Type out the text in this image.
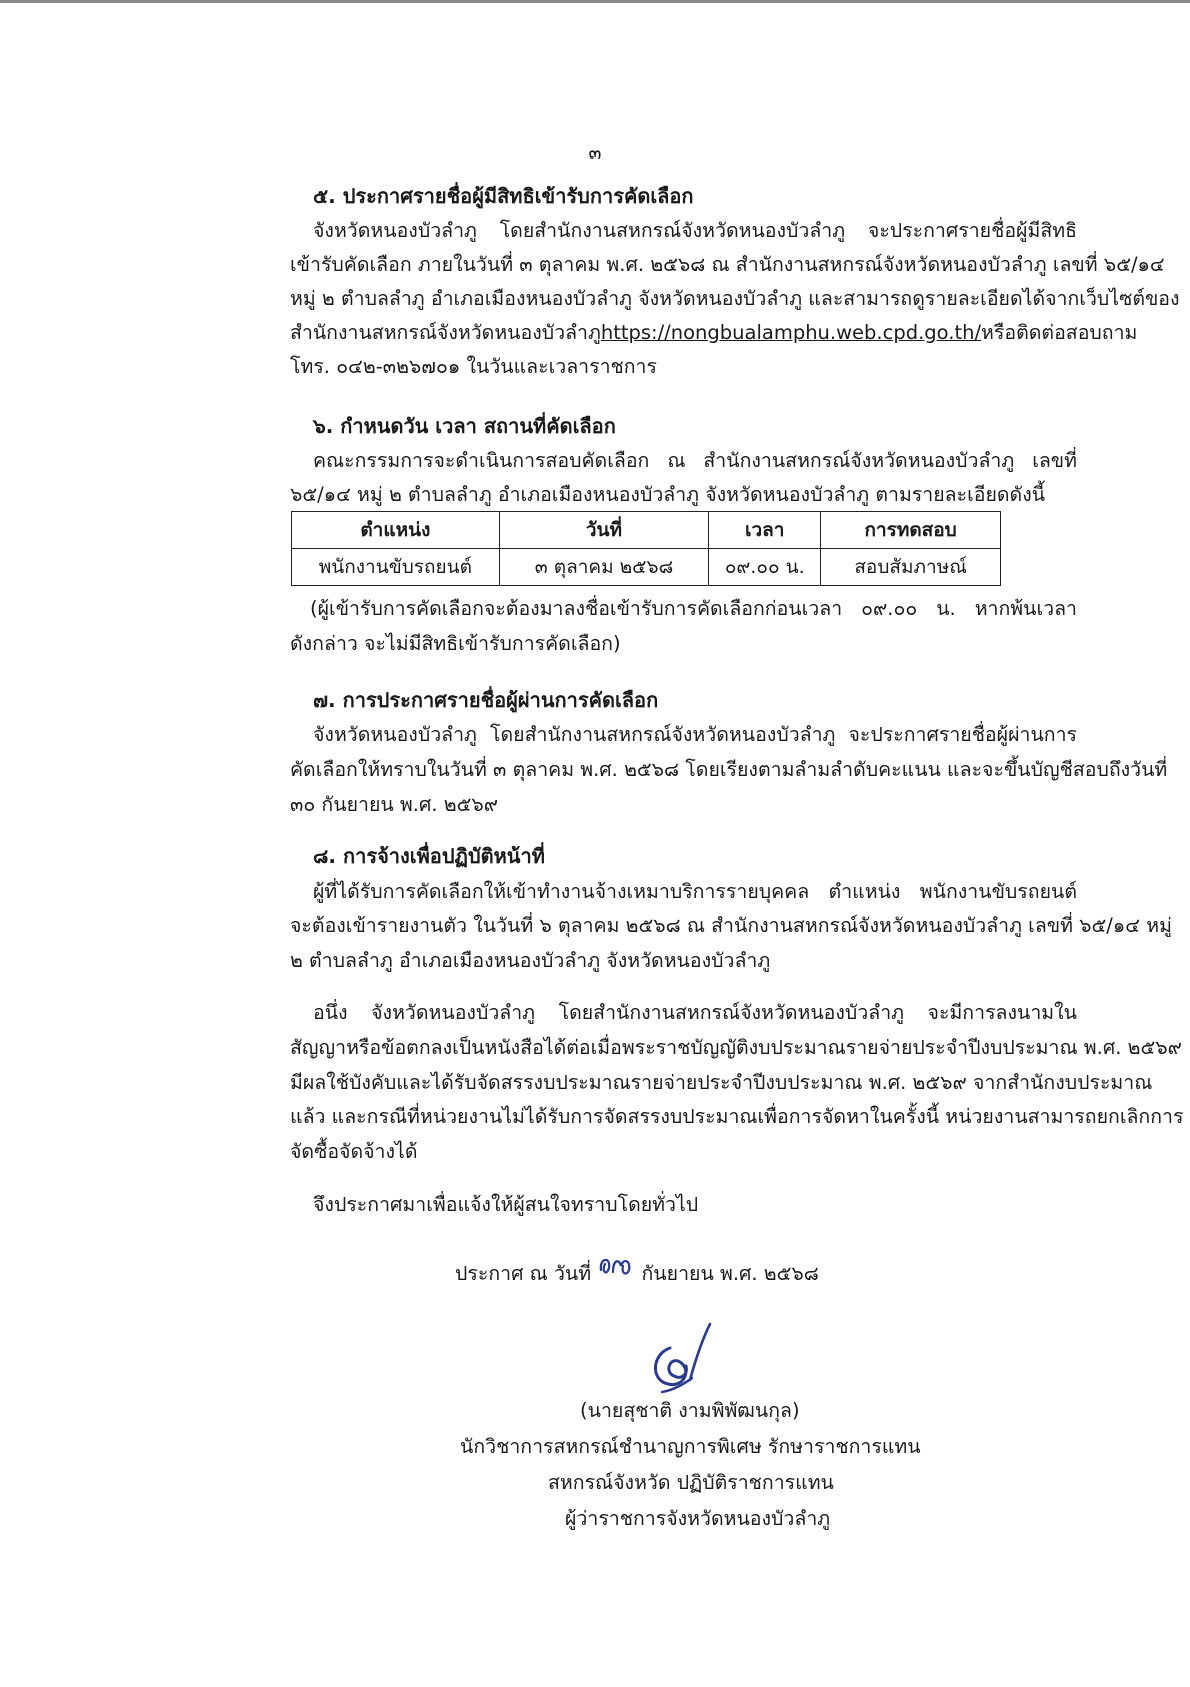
๓
๕. ประกาศรายชื่อผู้มีสิทธิเข้ารับการคัดเลือก
จังหวัดหนองบัวลำภู โดยสำนักงานสหกรณ์จังหวัดหนองบัวลำภู จะประกาศรายชื่อผู้มีสิทธิ
เข้ารับคัดเลือก ภายในวันที่ ๓ ตุลาคม พ.ศ. ๒๕๖๘ ณ สำนักงานสหกรณ์จังหวัดหนองบัวลำภู เลขที่ ๖๕/๑๔
หมู่ ๒ ตำบลลำภู อำเภอเมืองหนองบัวลำภู จังหวัดหนองบัวลำภู และสามารถดูรายละเอียดได้จากเว็บไซต์ของ
สำนักงานสหกรณ์จังหวัดหนองบัวลำภู https://nongbualamphu.web.cpd.go.th/ หรือติดต่อสอบถาม
โทร. ๐๔๒-๓๒๖๗๐๑ ในวันและเวลาราชการ
๖. กำหนดวัน เวลา สถานที่คัดเลือก
คณะกรรมการจะดำเนินการสอบคัดเลือก ณ สำนักงานสหกรณ์จังหวัดหนองบัวลำภู เลขที่
๖๕/๑๔ หมู่ ๒ ตำบลลำภู อำเภอเมืองหนองบัวลำภู จังหวัดหนองบัวลำภู ตามรายละเอียดดังนี้
ตำแหน่ง	วันที่	เวลา	การทดสอบ
พนักงานขับรถยนต์	๓ ตุลาคม ๒๕๖๘	๐๙.๐๐ น.	สอบสัมภาษณ์
(ผู้เข้ารับการคัดเลือกจะต้องมาลงชื่อเข้ารับการคัดเลือกก่อนเวลา ๐๙.๐๐ น. หากพ้นเวลา
ดังกล่าว จะไม่มีสิทธิเข้ารับการคัดเลือก)
๗. การประกาศรายชื่อผู้ผ่านการคัดเลือก
จังหวัดหนองบัวลำภู โดยสำนักงานสหกรณ์จังหวัดหนองบัวลำภู จะประกาศรายชื่อผู้ผ่านการ
คัดเลือกให้ทราบในวันที่ ๓ ตุลาคม พ.ศ. ๒๕๖๘ โดยเรียงตามลำมลำดับคะแนน และจะขึ้นบัญชีสอบถึงวันที่
๓๐ กันยายน พ.ศ. ๒๕๖๙
๘. การจ้างเพื่อปฏิบัติหน้าที่
ผู้ที่ได้รับการคัดเลือกให้เข้าทำงานจ้างเหมาบริการรายบุคคล ตำแหน่ง พนักงานขับรถยนต์
จะต้องเข้ารายงานตัว ในวันที่ ๖ ตุลาคม ๒๕๖๘ ณ สำนักงานสหกรณ์จังหวัดหนองบัวลำภู เลขที่ ๖๕/๑๔ หมู่
๒ ตำบลลำภู อำเภอเมืองหนองบัวลำภู จังหวัดหนองบัวลำภู
อนึ่ง จังหวัดหนองบัวลำภู โดยสำนักงานสหกรณ์จังหวัดหนองบัวลำภู จะมีการลงนามใน
สัญญาหรือข้อตกลงเป็นหนังสือได้ต่อเมื่อพระราชบัญญัติงบประมาณรายจ่ายประจำปีงบประมาณ พ.ศ. ๒๕๖๙
มีผลใช้บังคับและได้รับจัดสรรงบประมาณรายจ่ายประจำปีงบประมาณ พ.ศ. ๒๕๖๙ จากสำนักงบประมาณ
แล้ว และกรณีที่หน่วยงานไม่ได้รับการจัดสรรงบประมาณเพื่อการจัดหาในครั้งนี้ หน่วยงานสามารถยกเลิกการ
จัดซื้อจัดจ้างได้
จึงประกาศมาเพื่อแจ้งให้ผู้สนใจทราบโดยทั่วไป
ประกาศ ณ วันที่	กันยายน พ.ศ. ๒๕๖๘
(นายสุชาติ งามพิพัฒนกุล)
นักวิชาการสหกรณ์ชำนาญการพิเศษ รักษาราชการแทน
สหกรณ์จังหวัด ปฏิบัติราชการแทน
ผู้ว่าราชการจังหวัดหนองบัวลำภู
